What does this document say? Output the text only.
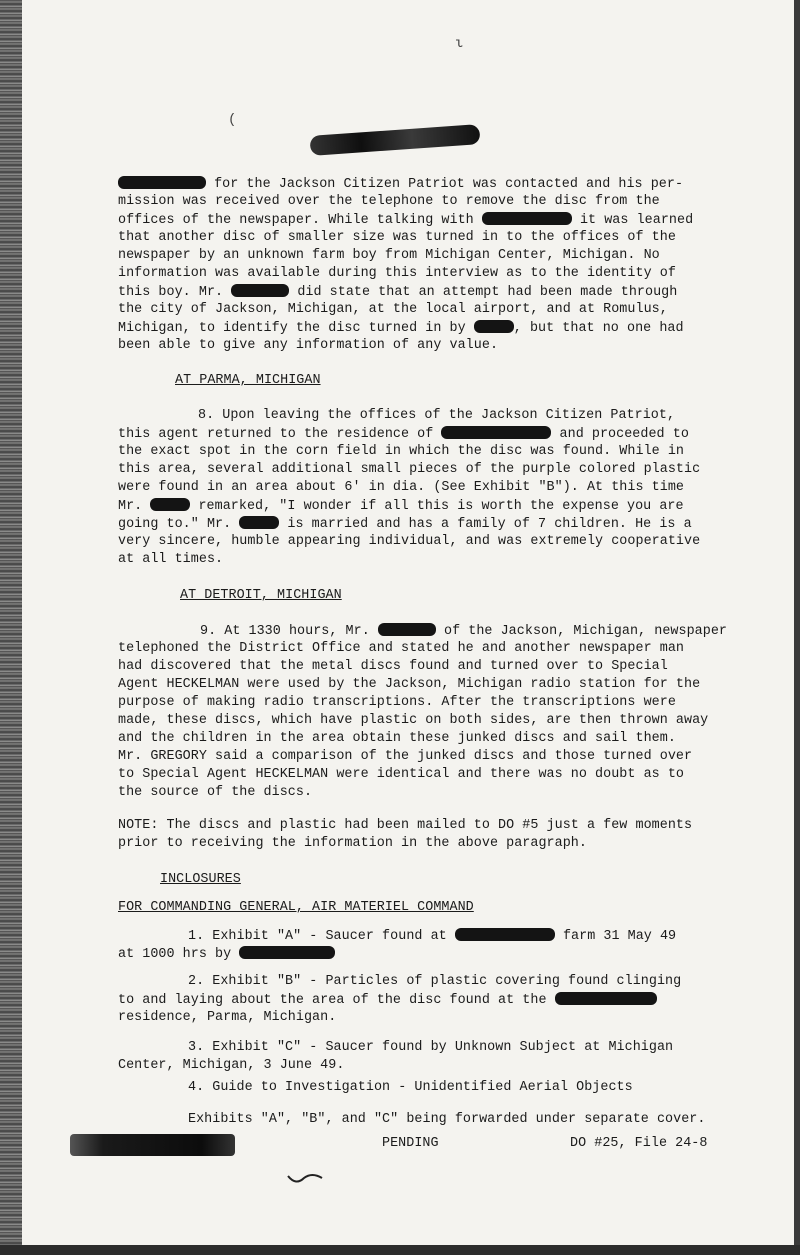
(
ι
for the Jackson Citizen Patriot was contacted and his per-
mission was received over the telephone to remove the disc from the
offices of the newspaper. While talking with	it was learned
that another disc of smaller size was turned in to the offices of the
newspaper by an unknown farm boy from Michigan Center, Michigan. No
information was available during this interview as to the identity of
this boy. Mr.	did state that an attempt had been made through
the city of Jackson, Michigan, at the local airport, and at Romulus,
Michigan, to identify the disc turned in by	, but that no one had
been able to give any information of any value.
AT PARMA, MICHIGAN
8. Upon leaving the offices of the Jackson Citizen Patriot,
this agent returned to the residence of	and proceeded to
the exact spot in the corn field in which the disc was found. While in
this area, several additional small pieces of the purple colored plastic
were found in an area about 6' in dia. (See Exhibit "B"). At this time
Mr.	remarked, "I wonder if all this is worth the expense you are
going to." Mr.	is married and has a family of 7 children. He is a
very sincere, humble appearing individual, and was extremely cooperative
at all times.
AT DETROIT, MICHIGAN
9. At 1330 hours, Mr.	of the Jackson, Michigan, newspaper
telephoned the District Office and stated he and another newspaper man
had discovered that the metal discs found and turned over to Special
Agent HECKELMAN were used by the Jackson, Michigan radio station for the
purpose of making radio transcriptions. After the transcriptions were
made, these discs, which have plastic on both sides, are then thrown away
and the children in the area obtain these junked discs and sail them.
Mr. GREGORY said a comparison of the junked discs and those turned over
to Special Agent HECKELMAN were identical and there was no doubt as to
the source of the discs.
NOTE: The discs and plastic had been mailed to DO #5 just a few moments
prior to receiving the information in the above paragraph.
INCLOSURES
FOR COMMANDING GENERAL, AIR MATERIEL COMMAND
1. Exhibit "A" - Saucer found at	farm 31 May 49
at 1000 hrs by
2. Exhibit "B" - Particles of plastic covering found clinging
to and laying about the area of the disc found at the
residence, Parma, Michigan.
3. Exhibit "C" - Saucer found by Unknown Subject at Michigan
Center, Michigan, 3 June 49.
4. Guide to Investigation - Unidentified Aerial Objects
Exhibits "A", "B", and "C" being forwarded under separate cover.
PENDING	DO #25, File 24-8
